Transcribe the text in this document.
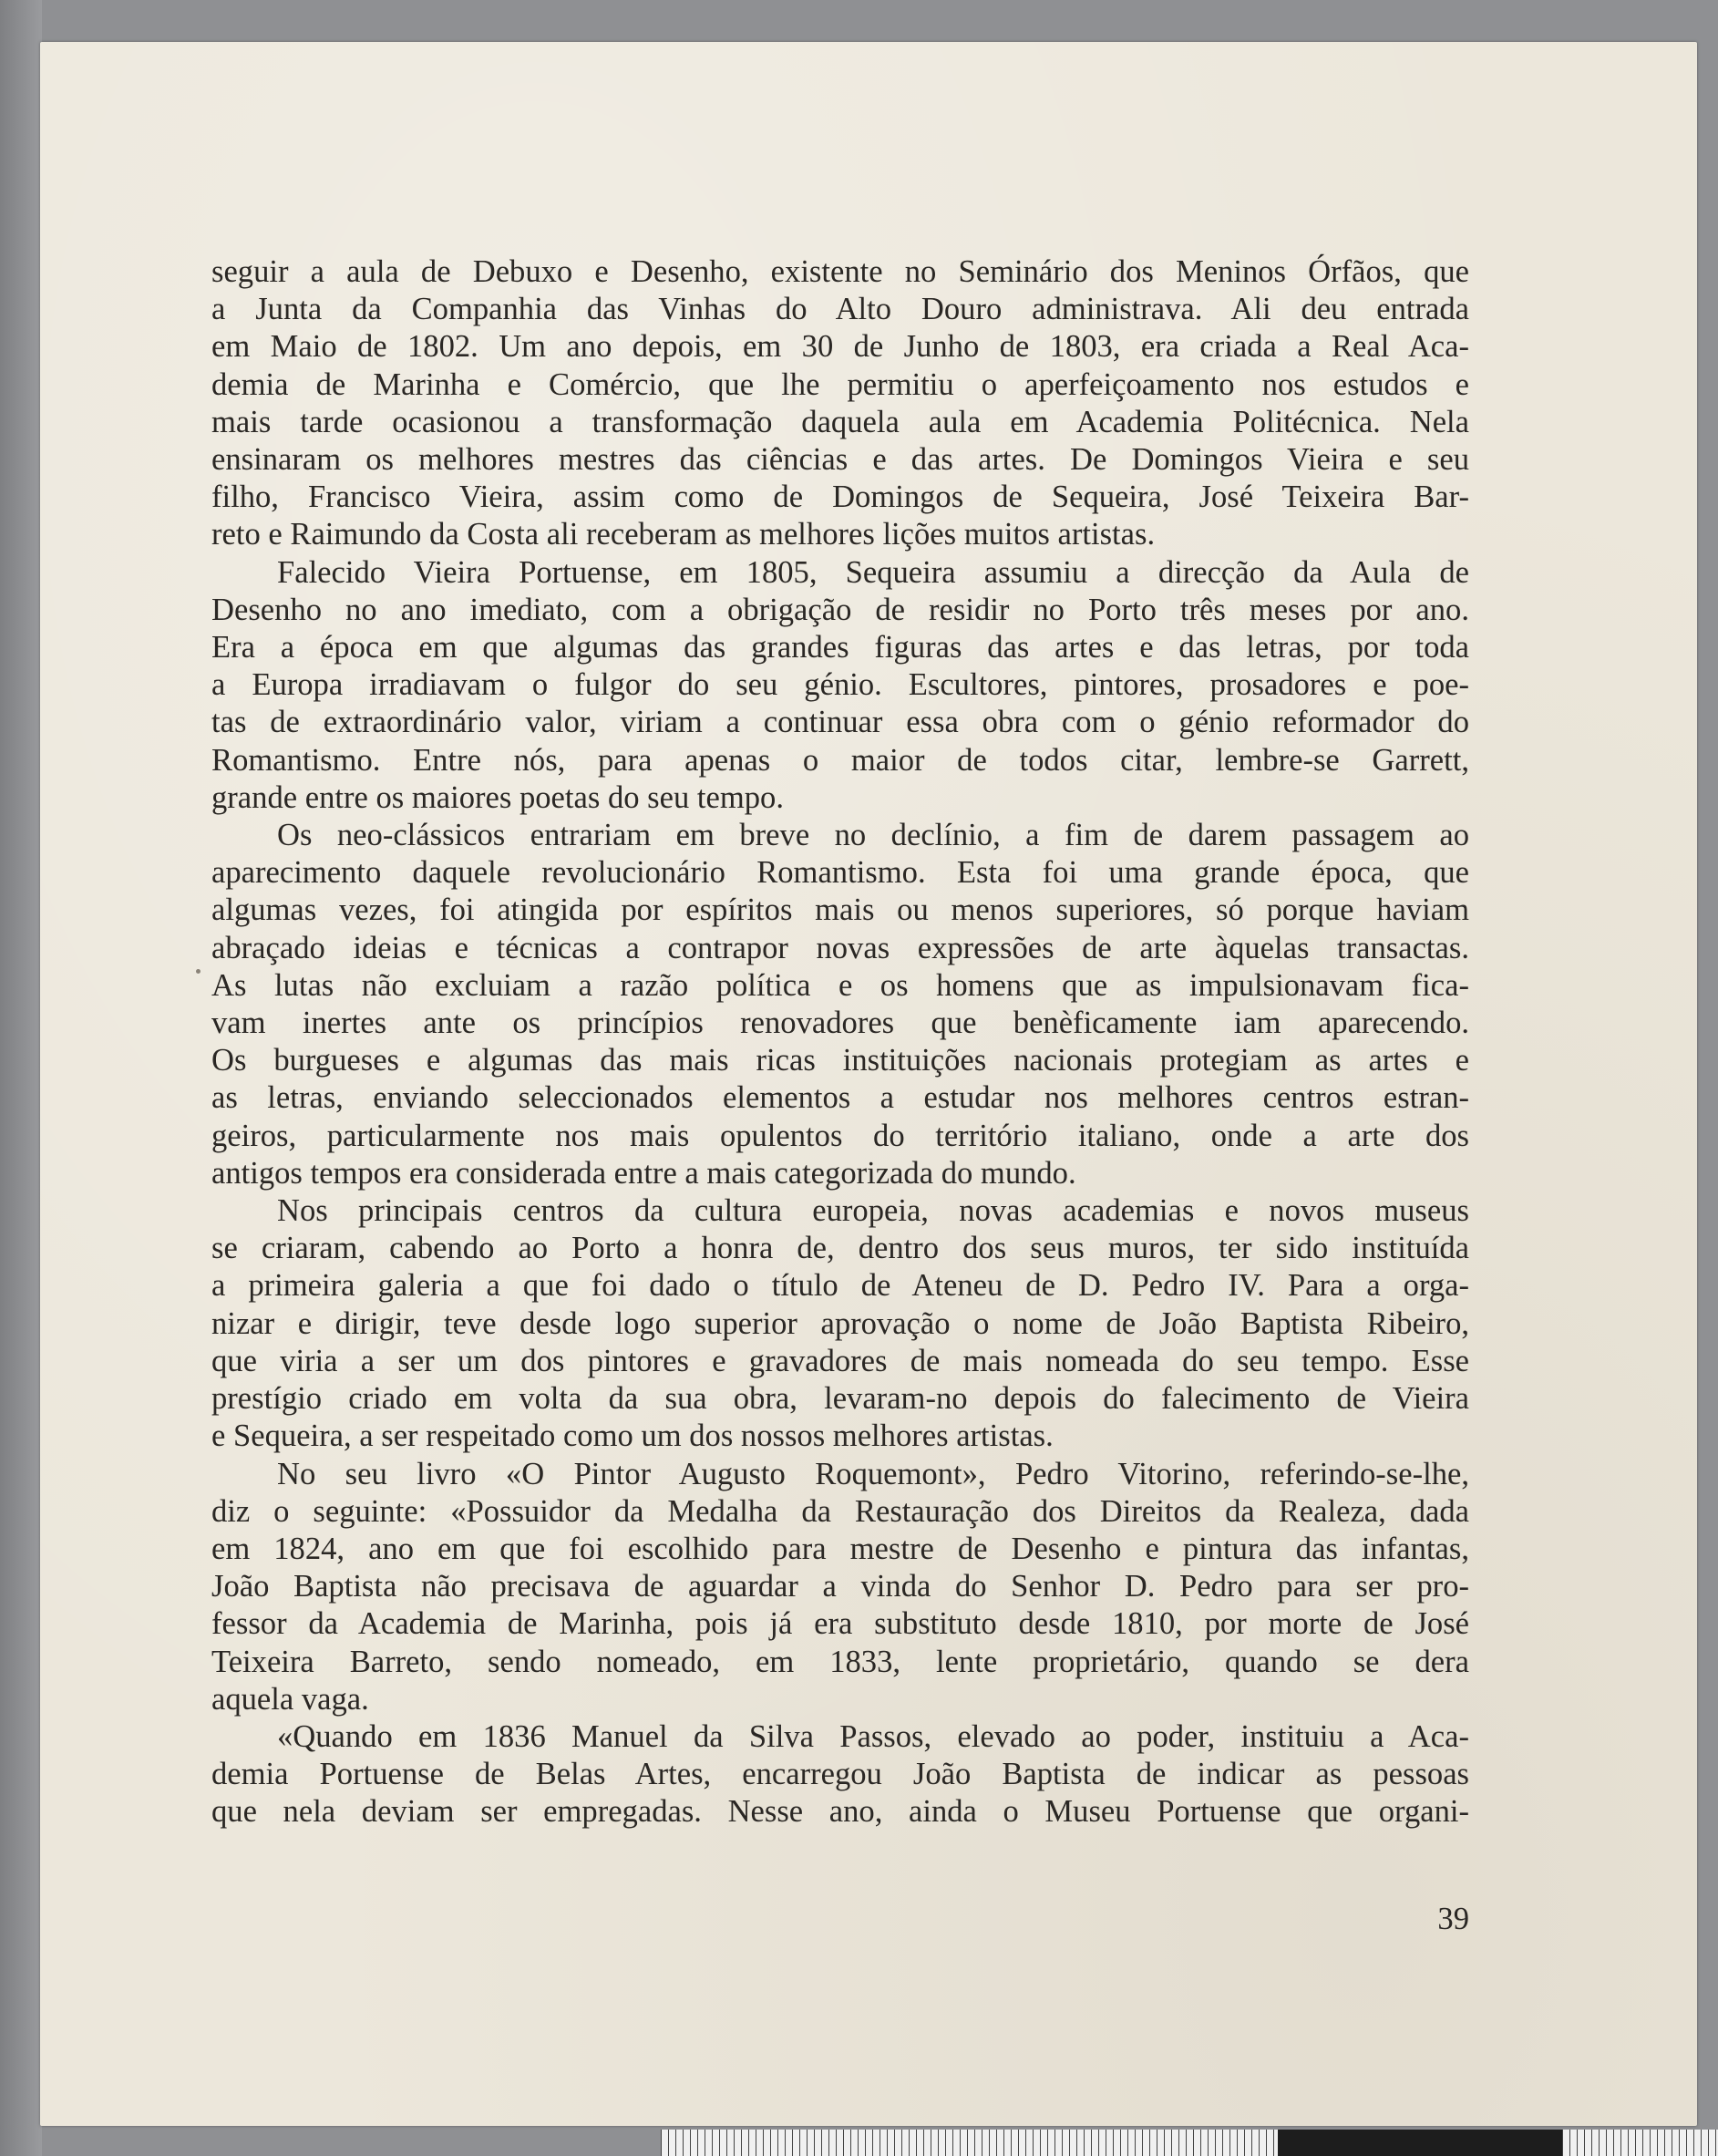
seguir a aula de Debuxo e Desenho, existente no Seminário dos Meninos Órfãos, que
a Junta da Companhia das Vinhas do Alto Douro administrava. Ali deu entrada
em Maio de 1802. Um ano depois, em 30 de Junho de 1803, era criada a Real Aca-
demia de Marinha e Comércio, que lhe permitiu o aperfeiçoamento nos estudos e
mais tarde ocasionou a transformação daquela aula em Academia Politécnica. Nela
ensinaram os melhores mestres das ciências e das artes. De Domingos Vieira e seu
filho, Francisco Vieira, assim como de Domingos de Sequeira, José Teixeira Bar-
reto e Raimundo da Costa ali receberam as melhores lições muitos artistas.
Falecido Vieira Portuense, em 1805, Sequeira assumiu a direcção da Aula de
Desenho no ano imediato, com a obrigação de residir no Porto três meses por ano.
Era a época em que algumas das grandes figuras das artes e das letras, por toda
a Europa irradiavam o fulgor do seu génio. Escultores, pintores, prosadores e poe-
tas de extraordinário valor, viriam a continuar essa obra com o génio reformador do
Romantismo. Entre nós, para apenas o maior de todos citar, lembre-se Garrett,
grande entre os maiores poetas do seu tempo.
Os neo-clássicos entrariam em breve no declínio, a fim de darem passagem ao
aparecimento daquele revolucionário Romantismo. Esta foi uma grande época, que
algumas vezes, foi atingida por espíritos mais ou menos superiores, só porque haviam
abraçado ideias e técnicas a contrapor novas expressões de arte àquelas transactas.
As lutas não excluiam a razão política e os homens que as impulsionavam fica-
vam inertes ante os princípios renovadores que benèficamente iam aparecendo.
Os burgueses e algumas das mais ricas instituições nacionais protegiam as artes e
as letras, enviando seleccionados elementos a estudar nos melhores centros estran-
geiros, particularmente nos mais opulentos do território italiano, onde a arte dos
antigos tempos era considerada entre a mais categorizada do mundo.
Nos principais centros da cultura europeia, novas academias e novos museus
se criaram, cabendo ao Porto a honra de, dentro dos seus muros, ter sido instituída
a primeira galeria a que foi dado o título de Ateneu de D. Pedro IV. Para a orga-
nizar e dirigir, teve desde logo superior aprovação o nome de João Baptista Ribeiro,
que viria a ser um dos pintores e gravadores de mais nomeada do seu tempo. Esse
prestígio criado em volta da sua obra, levaram-no depois do falecimento de Vieira
e Sequeira, a ser respeitado como um dos nossos melhores artistas.
No seu livro «O Pintor Augusto Roquemont», Pedro Vitorino, referindo-se-lhe,
diz o seguinte: «Possuidor da Medalha da Restauração dos Direitos da Realeza, dada
em 1824, ano em que foi escolhido para mestre de Desenho e pintura das infantas,
João Baptista não precisava de aguardar a vinda do Senhor D. Pedro para ser pro-
fessor da Academia de Marinha, pois já era substituto desde 1810, por morte de José
Teixeira Barreto, sendo nomeado, em 1833, lente proprietário, quando se dera
aquela vaga.
«Quando em 1836 Manuel da Silva Passos, elevado ao poder, instituiu a Aca-
demia Portuense de Belas Artes, encarregou João Baptista de indicar as pessoas
que nela deviam ser empregadas. Nesse ano, ainda o Museu Portuense que organi-
39
